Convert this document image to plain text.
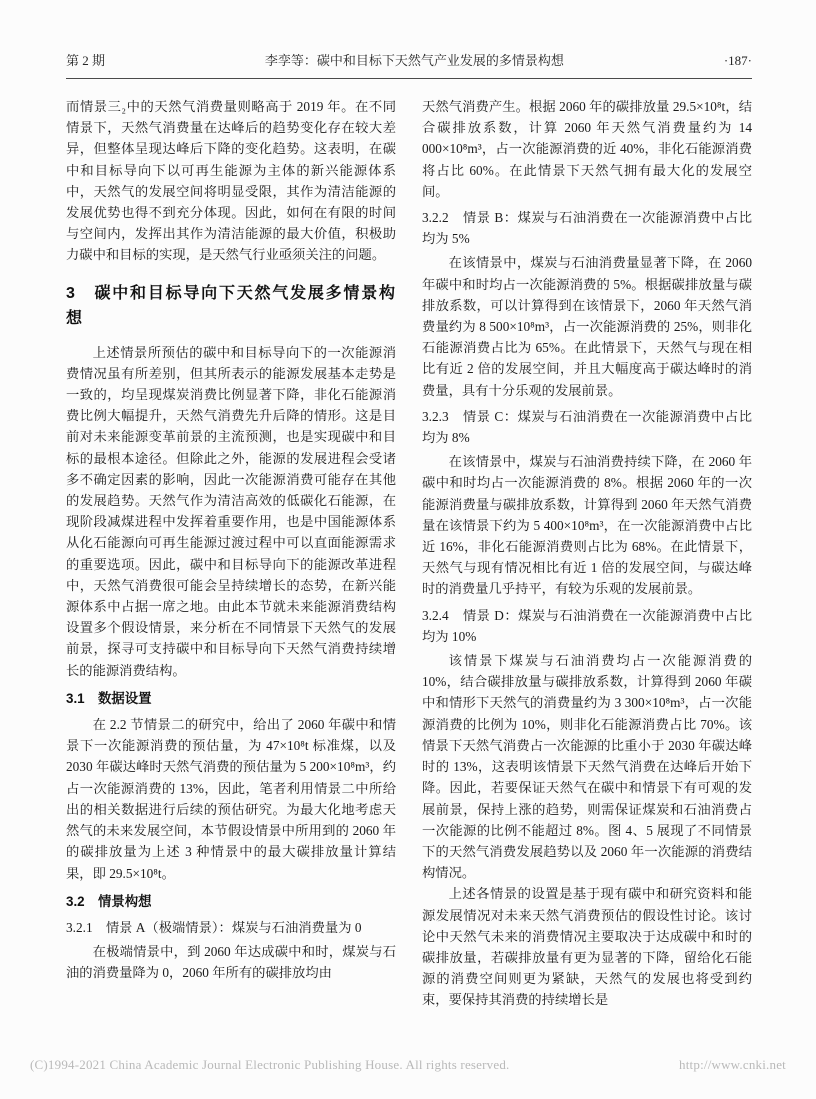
第 2 期	李孪等：碳中和目标下天然气产业发展的多情景构想	·187·
而情景三₂中的天然气消费量则略高于 2019 年。在不同情景下，天然气消费量在达峰后的趋势变化存在较大差异，但整体呈现达峰后下降的变化趋势。这表明，在碳中和目标导向下以可再生能源为主体的新兴能源体系中，天然气的发展空间将明显受限，其作为清洁能源的发展优势也得不到充分体现。因此，如何在有限的时间与空间内，发挥出其作为清洁能源的最大价值，积极助力碳中和目标的实现，是天然气行业亟须关注的问题。
3　碳中和目标导向下天然气发展多情景构想
上述情景所预估的碳中和目标导向下的一次能源消费情况虽有所差别，但其所表示的能源发展基本走势是一致的，均呈现煤炭消费比例显著下降，非化石能源消费比例大幅提升，天然气消费先升后降的情形。这是目前对未来能源变革前景的主流预测，也是实现碳中和目标的最根本途径。但除此之外，能源的发展进程会受诸多不确定因素的影响，因此一次能源消费可能存在其他的发展趋势。天然气作为清洁高效的低碳化石能源，在现阶段减煤进程中发挥着重要作用，也是中国能源体系从化石能源向可再生能源过渡过程中可以直面能源需求的重要选项。因此，碳中和目标导向下的能源改革进程中，天然气消费很可能会呈持续增长的态势，在新兴能源体系中占据一席之地。由此本节就未来能源消费结构设置多个假设情景，来分析在不同情景下天然气的发展前景，探寻可支持碳中和目标导向下天然气消费持续增长的能源消费结构。
3.1　数据设置
在 2.2 节情景二的研究中，给出了 2060 年碳中和情景下一次能源消费的预估量，为 47×10⁸t 标准煤，以及 2030 年碳达峰时天然气消费的预估量为 5 200×10⁸m³，约占一次能源消费的 13%，因此，笔者利用情景二中所给出的相关数据进行后续的预估研究。为最大化地考虑天然气的未来发展空间，本节假设情景中所用到的 2060 年的碳排放量为上述 3 种情景中的最大碳排放量计算结果，即 29.5×10⁸t。
3.2　情景构想
3.2.1　情景 A（极端情景）：煤炭与石油消费量为 0
在极端情景中，到 2060 年达成碳中和时，煤炭与石油的消费量降为 0，2060 年所有的碳排放均由
天然气消费产生。根据 2060 年的碳排放量 29.5×10⁸t，结合碳排放系数，计算 2060 年天然气消费量约为 14 000×10⁸m³，占一次能源消费的近 40%，非化石能源消费将占比 60%。在此情景下天然气拥有最大化的发展空间。
3.2.2　情景 B：煤炭与石油消费在一次能源消费中占比均为 5%
在该情景中，煤炭与石油消费量显著下降，在 2060 年碳中和时均占一次能源消费的 5%。根据碳排放量与碳排放系数，可以计算得到在该情景下，2060 年天然气消费量约为 8 500×10⁸m³，占一次能源消费的 25%，则非化石能源消费占比为 65%。在此情景下，天然气与现在相比有近 2 倍的发展空间，并且大幅度高于碳达峰时的消费量，具有十分乐观的发展前景。
3.2.3　情景 C：煤炭与石油消费在一次能源消费中占比均为 8%
在该情景中，煤炭与石油消费持续下降，在 2060 年碳中和时均占一次能源消费的 8%。根据 2060 年的一次能源消费量与碳排放系数，计算得到 2060 年天然气消费量在该情景下约为 5 400×10⁸m³，在一次能源消费中占比近 16%，非化石能源消费则占比为 68%。在此情景下，天然气与现有情况相比有近 1 倍的发展空间，与碳达峰时的消费量几乎持平，有较为乐观的发展前景。
3.2.4　情景 D：煤炭与石油消费在一次能源消费中占比均为 10%
该情景下煤炭与石油消费均占一次能源消费的 10%，结合碳排放量与碳排放系数，计算得到 2060 年碳中和情形下天然气的消费量约为 3 300×10⁸m³，占一次能源消费的比例为 10%，则非化石能源消费占比 70%。该情景下天然气消费占一次能源的比重小于 2030 年碳达峰时的 13%，这表明该情景下天然气消费在达峰后开始下降。因此，若要保证天然气在碳中和情景下有可观的发展前景，保持上涨的趋势，则需保证煤炭和石油消费占一次能源的比例不能超过 8%。图 4、5 展现了不同情景下的天然气消费发展趋势以及 2060 年一次能源的消费结构情况。
上述各情景的设置是基于现有碳中和研究资料和能源发展情况对未来天然气消费预估的假设性讨论。该讨论中天然气未来的消费情况主要取决于达成碳中和时的碳排放量，若碳排放量有更为显著的下降，留给化石能源的消费空间则更为紧缺，天然气的发展也将受到约束，要保持其消费的持续增长是
(C)1994-2021 China Academic Journal Electronic Publishing House. All rights reserved.	http://www.cnki.net
